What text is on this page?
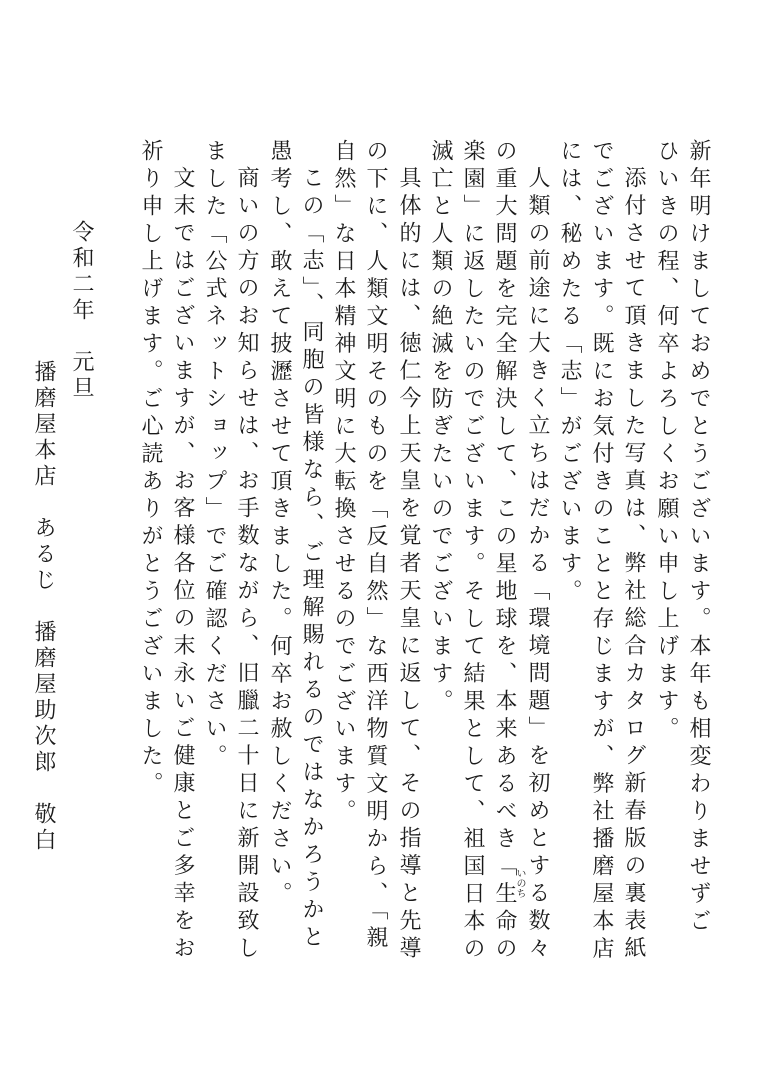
新年明けましておめでとうございます。本年も相変わりませずご
ひいきの程、何卒よろしくお願い申し上げます。
添付させて頂きました写真は、弊社総合カタログ新春版の裏表紙
でございます。既にお気付きのことと存じますが、弊社播磨屋本店
には、秘めたる「志」がございます。
人類の前途に大きく立ちはだかる「環境問題」を初めとする数々
の重大問題を完全解決して、この星地球を、本来あるべき「生命の
いのち
楽園」に返したいのでございます。そして結果として、祖国日本の
滅亡と人類の絶滅を防ぎたいのでございます。
具体的には、徳仁今上天皇を覚者天皇に返して、その指導と先導
の下に、人類文明そのものを「反自然」な西洋物質文明から、「親
自然」な日本精神文明に大転換させるのでございます。
この「志」、同胞の皆様なら、ご理解賜れるのではなかろうかと
愚考し、敢えて披瀝させて頂きました。何卒お赦しください。
商いの方のお知らせは、お手数ながら、旧臘二十日に新開設致し
ました「公式ネットショップ」でご確認ください。
文末ではございますが、お客様各位の末永いご健康とご多幸をお
祈り申し上げます。ご心読ありがとうございました。
令和二年　元旦
播磨屋本店　あるじ　播磨屋助次郎　敬白
